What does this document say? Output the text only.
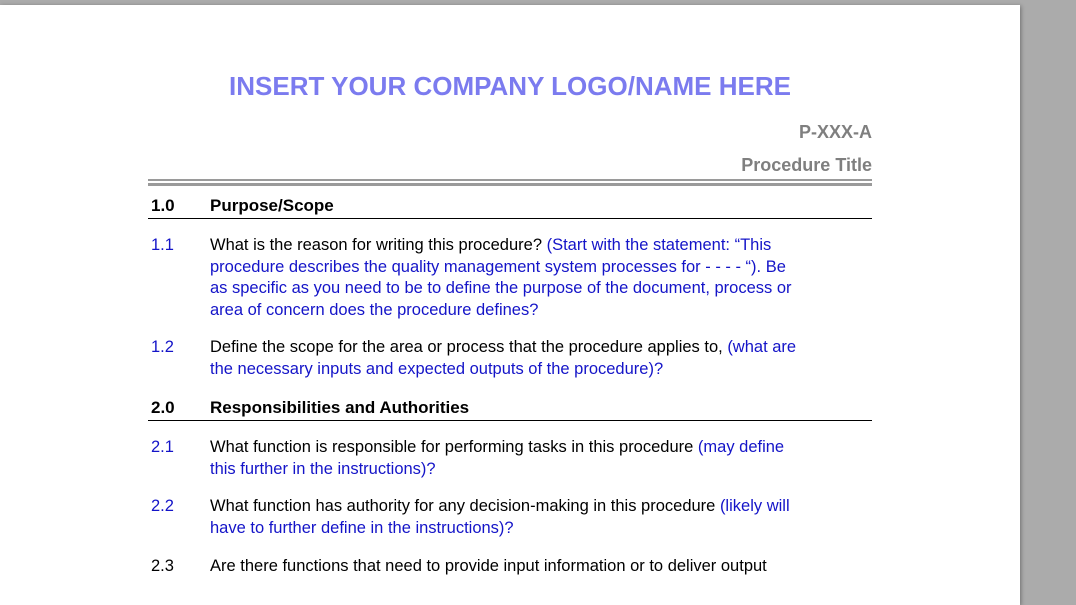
INSERT YOUR COMPANY LOGO/NAME HERE
P-XXX-A
Procedure Title
1.0 Purpose/Scope
1.1 What is the reason for writing this procedure? (Start with the statement: “This
procedure describes the quality management system processes for - - - - “). Be
as specific as you need to be to define the purpose of the document, process or
area of concern does the procedure defines?
1.2 Define the scope for the area or process that the procedure applies to, (what are
the necessary inputs and expected outputs of the procedure)?
2.0 Responsibilities and Authorities
2.1 What function is responsible for performing tasks in this procedure (may define
this further in the instructions)?
2.2 What function has authority for any decision-making in this procedure (likely will
have to further define in the instructions)?
2.3 Are there functions that need to provide input information or to deliver output
